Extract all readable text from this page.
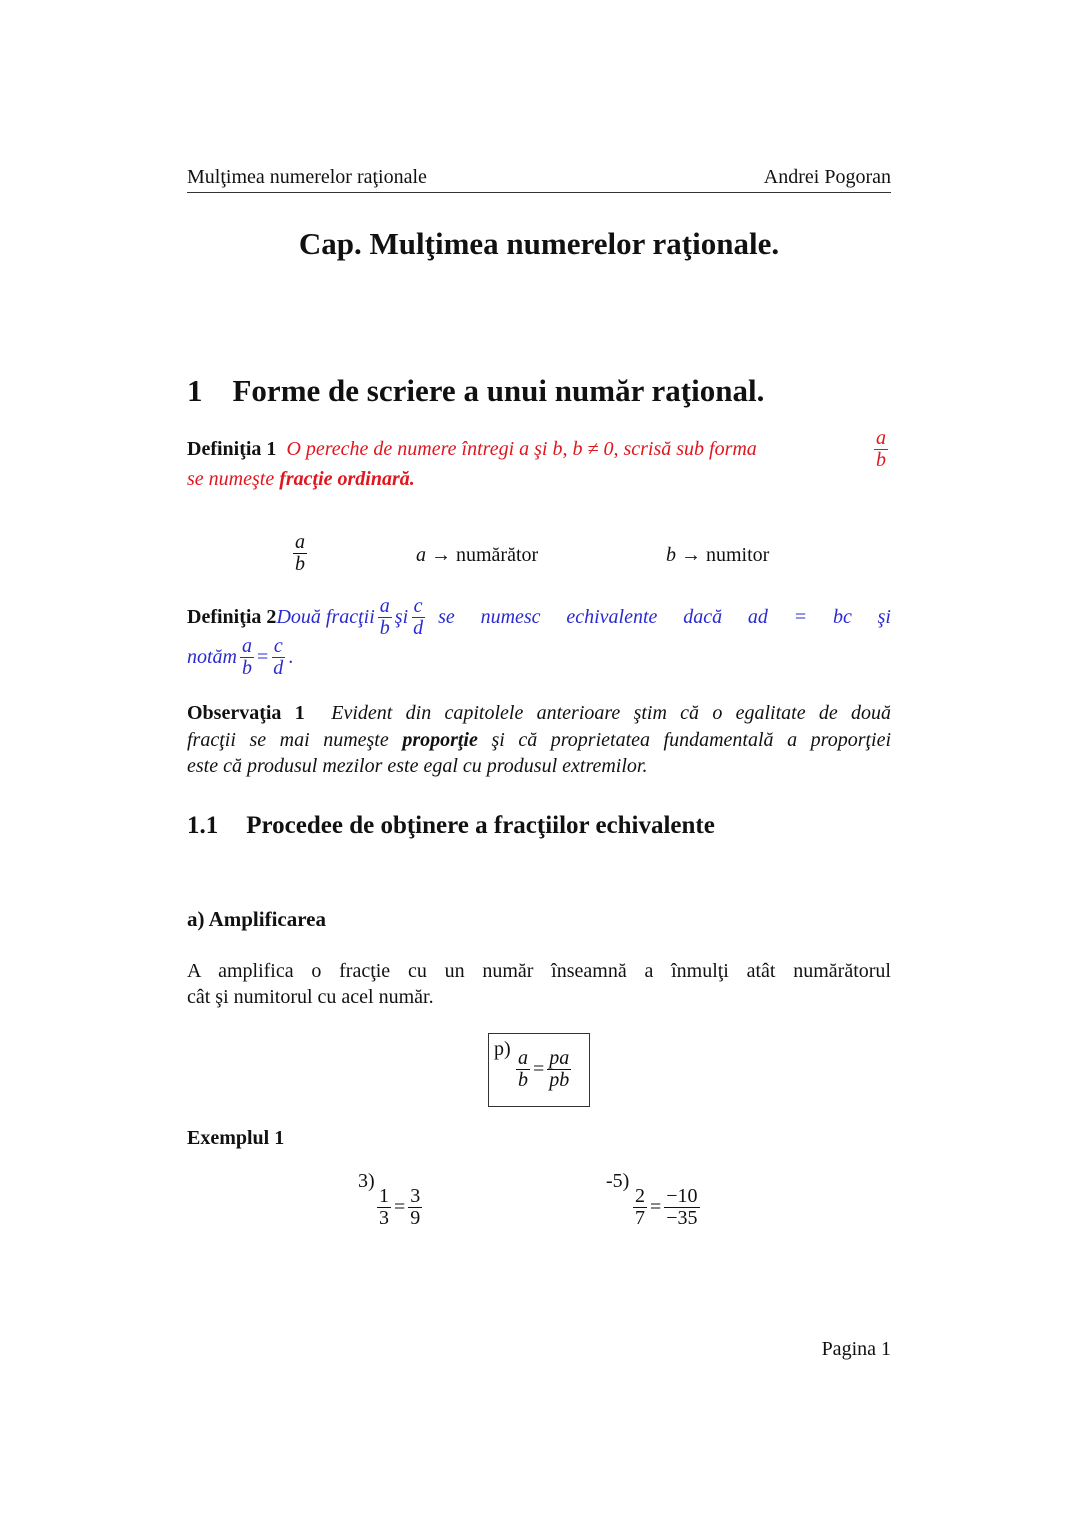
Mulţimea numerelor raţionale	Andrei Pogoran
Cap. Mulţimea numerelor raţionale.
1 Forme de scriere a unui număr raţional.
Definiţia 1 O pereche de numere întregi a şi b, b ≠ 0, scrisă sub forma	$\frac{a}{b}$
se numeşte fracţie ordinară.
$\frac{a}{b}$	a → numărător	b → numitor
Definiţia 2 Două fracţii $\frac{a}{b}$ şi $\frac{c}{d}$ se numesc echivalente dacă ad = bc şi
notăm $\frac{a}{b} = \frac{c}{d}$ .
Observaţia 1 Evident din capitolele anterioare ştim că o egalitate de două
fracţii se mai numeşte proporţie şi că proprietatea fundamentală a proporţiei
este că produsul mezilor este egal cu produsul extremilor.
1.1 Procedee de obţinere a fracţiilor echivalente
a) Amplificarea
A amplifica o fracţie cu un număr înseamnă a înmulţi atât numărătorul
cât şi numitorul cu acel număr.
$p) \frac{a}{b} = \frac{pa}{pb}$
Exemplul 1
3)
$\frac{1}{3} = \frac{3}{9}$
-5)
$\frac{2}{7} = \frac{-10}{-35}$
Pagina 1
